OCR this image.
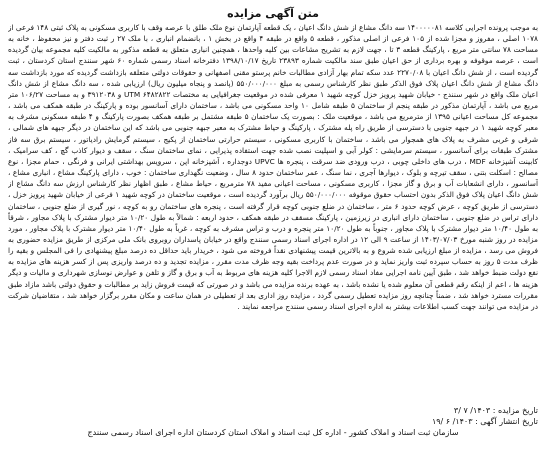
متن آگهی مزایده

به موجب پرونده اجرایی کلاسه ۱۴۰۰۰۰۰۸۱ سه دانگ مشاع از شش دانگ اعیان ، یک قطعه آپارتمان نوع ملک طلق با عرصه وقف با کاربری مسکونی به پلاک ثبتی ۱۴۸ فرعی از ۱۰۷۸ اصلی ، مفروز و مجزا شده از ۱۰۵ فرعی از اصلی مذکور ، قطعه ۵ واقع در طبقه ۴ واقع در بخش ۱ ، بانضمام انباری ، با ملک ۲۷ ر ثبت دفتر و نیز محفوظ ، خانه به مساحت ۷۸ سانتی متر مربع ، پارکینگ قطعه ۳ تا ، جهت لازم به تشریح مشاعات بین کلیه واحدها ، همچنین انباری متعلق به قطعه مذکور به مالکیت کلیه مجموعه بیان گردیده است ، عرصه موقوفه و بهره برداری از حق اعیان طبق سند مالکیت شماره ۲۳۸۹۳ تاریخ ۱۳۹۸/۱۰/۱۷ دفترخانه اسناد رسمی شماره ۶۰ شهر سنندج استان کردستان ، ثبت گردیده است ، از شش دانگ اعیان با ۲۲۷۰/۰۸ عدد سکه تمام بهار آزادی مطالبات خانم پرستو مقنی اصفهانی و حقوقات دولتی متعلقه بازداشت گردیده که مورد بازداشت سه دانگ مشاع از شش دانگ اعیان پلاک فوق الذکر طبق نظر کارشناس رسمی به مبلغ ۵۵۰/۰۰۰/۰۰۰ (پانصد و پنجاه میلیون ریال) ارزیابی شده ، سه دانگ مشاع از شش دانگ اعیان ملک واقع در شهر سنندج - خیابان شهید پرویز خزل کوچه شهید ۱ معرفی شده در موقعیت جغرافیایی به مختصات UTM ۶۴۸۲۸۲۲ و ۳۹۱۲۰۳۸ و به مساحت ۱۰۶/۲۷ متر مربع می باشد ، آپارتمان مذکور در طبقه پنجم از ساختمان ۵ طبقه شامل ۱۰ واحد مسکونی می باشد ، ساختمان دارای آسانسور بوده و پارکینگ در طبقه همکف می باشد ، مجموعه کل مساحت اعیانی ۱۳۹۵ از مترمربع می باشد ، موقعیت ملک : بصورت یک ساختمان ۵ طبقه مشتمل بر طبقه همکف بصورت پارکینگ و ۴ طبقه مسکونی مشرف به معبر کوچه شهید ۱ در جبهه جنوبی با دسترسی از طریق راه پله مشترک ، پارکینگ و حیاط مشترک به معبر جبهه جنوبی می باشد که این ساختمان در دیگر جبهه های شمالی ، شرقی و غربی مشرف به پلاک های همجوار می باشد ، ساختمان با کاربری مسکونی ، سیستم حرارتی ساختمان از پکیج ، سیستم گرمایش رادیاتور ، سیستم برق سه فاز مشترک طبقات برای آسانسور ، سیستم سرمایشی : کولر آبی و اسپلیت نصب شده جهت استفاده پذیرایی ، نمای ساختمان سنگ ، سقف و دیوار کاذب گچ ، کف سرامیک ، کابینت آشپزخانه MDF ، درب های داخلی چوبی ، درب ورودی ضد سرقت ، پنجره ها UPVC دوجداره ، آشپزخانه اپن ، سرویس بهداشتی ایرانی و فرنگی ، حمام مجزا ، نوع مصالح : اسکلت بتنی ، سقف تیرچه و بلوک ، دیوارها آجری ، نما سنگ ، عمر ساختمان حدود ۸ سال ، وضعیت نگهداری ساختمان : خوب ، دارای پارکینگ مشاع ، انباری مشاع ، آسانسور ، دارای انشعابات آب و برق و گاز مجزا ، کاربری مسکونی ، مساحت اعیانی مفید ۷۸ مترمربع ، حیاط مشاع ، طبق اظهار نظر کارشناس ارزش سه دانگ مشاع از شش دانگ اعیان پلاک فوق الذکر بدون احتساب حقوق موقوفه ۵۵۰/۰۰۰/۰۰۰ ریال برآورد گردیده است ، موقعیت ساختمان در کوچه شهید ۱ فرعی از خیابان شهید پرویز خزل ، دسترسی از طریق کوچه ، عرض کوچه حدود ۶ متر ، ساختمان در ضلع جنوبی کوچه قرار گرفته است ، پنجره های ساختمان رو به کوچه ، نور گیری از ضلع جنوبی ، ساختمان دارای تراس در ضلع جنوبی ، ساختمان دارای انباری در زیرزمین ، پارکینگ مسقف در طبقه همکف ، حدود اربعه : شمالاً به طول ۱۰/۲۰ متر دیوار مشترک با پلاک مجاور ، شرقاً به طول ۱۰/۴۰ متر دیوار مشترک با پلاک مجاور ، جنوباً به طول ۱۰/۲۰ متر پنجره و درب و تراس مشرف به کوچه ، غرباً به طول ۱۰/۴۰ متر دیوار مشترک با پلاک مجاور ، مورد مزایده در روز شنبه مورخ ۱۴۰۳/۰۷/۰۳ از ساعت ۹ الی ۱۲ در اداره اجرای اسناد رسمی سنندج واقع در خیابان پاسداران روبروی بانک ملی مرکزی از طریق مزایده حضوری به فروش می رسد ، مزایده از مبلغ ارزیابی شده شروع و به بالاترین قیمت پیشنهادی نقداً فروخته می شود ، خریدار باید حداقل ده درصد مبلغ پیشنهادی را فی المجلس و بقیه را ظرف مدت ۵ روز به حساب سپرده ثبت واریز نماید و در صورت عدم پرداخت بقیه وجه ظرف مدت مقرر ، مزایده تجدید و ده درصد واریزی پس از کسر هزینه های مزایده به نفع دولت ضبط خواهد شد ، طبق آیین نامه اجرایی مفاد اسناد رسمی لازم الاجرا کلیه هزینه های مربوط به آب و برق و گاز و تلفن و عوارض نوسازی شهرداری و مالیات و دیگر هزینه ها ، اعم از اینکه رقم قطعی آن معلوم شده یا نشده باشد ، به عهده برنده مزایده می باشد و در صورتی که قیمت فروش زاید بر مطالبات و حقوق دولتی باشد مازاد طبق مقررات مسترد خواهد شد ، ضمناً چنانچه روز مزایده تعطیل رسمی گردد ، مزایده روز اداری بعد از تعطیلی در همان ساعت و مکان مقرر برگزار خواهد شد ، متقاضیان شرکت در مزایده می توانند جهت کسب اطلاعات بیشتر به اداره اجرای اسناد رسمی سنندج مراجعه نمایند .

تاریخ مزایده : ۱۴۰۳/ ۷ /۳
تاریخ انتشار آگهی : ۱۴۰۳/ ۶ /۱۹
سازمان ثبت اسناد و املاک کشور - اداره کل ثبت اسناد و املاک استان کردستان اداره اجرای اسناد رسمی سنندج
